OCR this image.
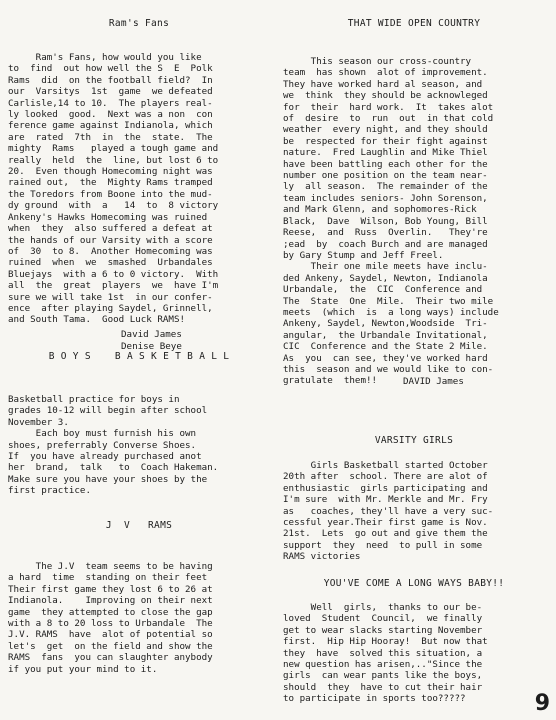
Ram's Fans
Ram's Fans, how would you like
to  find  out how well the S  E  Polk
Rams  did  on the football field?  In
our  Varsitys  1st  game  we defeated
Carlisle,14 to 10.  The players real-
ly looked  good.  Next was a non  con
ference game against Indianola, which
are  rated  7th  in  the  state.  The
mighty  Rams   played a tough game and
really  held  the  line, but lost 6 to
20.  Even though Homecoming night was
rained out,  the  Mighty Rams tramped
the Toredors from Boone into the mud-
dy ground  with  a   14  to  8 victory
Ankeny's Hawks Homecoming was ruined
when  they  also suffered a defeat at
the hands of our Varsity with a score
of  30  to 8.  Another Homecoming was
ruined  when  we  smashed  Urbandales
Bluejays  with a 6 to 0 victory.  With
all  the  great  players  we  have I'm
sure we will take 1st  in our confer-
ence  after playing Saydel, Grinnell,
and South Tama.  Good Luck RAMS!
David James
Denise Beye
B O Y S    B A S K E T B A L L
Basketball practice for boys in
grades 10-12 will begin after school
November 3.
Each boy must furnish his own
shoes, preferrably Converse Shoes.
If  you have already purchased anot
her  brand,  talk   to  Coach Hakeman.
Make sure you have your shoes by the
first practice.
J  V   RAMS
The J.V  team seems to be having
a hard  time  standing on their feet
Their first game they lost 6 to 26 at
Indianola.    Improving on their next
game  they attempted to close the gap
with a 8 to 20 loss to Urbandale  The
J.V. RAMS  have  alot of potential so
let's  get  on the field and show the
RAMS  fans  you can slaughter anybody
if you put your mind to it.
THAT WIDE OPEN COUNTRY
This season our cross-country
team  has shown  alot of improvement.
They have worked hard al season, and
we  think  they should be acknowleged
for  their  hard work.  It  takes alot
of  desire  to  run  out  in that cold
weather  every night, and they should
be  respected for their fight against
nature.  Fred Laughlin and Mike Thiel
have been battling each other for the
number one position on the team near-
ly  all season.  The remainder of the
team includes seniors- John Sorenson,
and Mark Glenn, and sophomores-Rick
Black,  Dave  Wilson, Bob Young, Bill
Reese,  and  Russ  Overlin.   They're
;ead  by  coach Burch and are managed
by Gary Stump and Jeff Freel.
Their one mile meets have inclu-
ded Ankeny, Saydel, Newton, Indianola
Urbandale,  the  CIC  Conference and
The  State  One  Mile.  Their two mile
meets  (which  is  a long ways) include
Ankeny, Saydel, Newton,Woodside  Tri-
angular,  the Urbandale Invitational,
CIC  Conference and the State 2 Mile.
As  you  can see, they've worked hard
this  season and we would like to con-
gratulate  them!!	DAVID James
VARSITY GIRLS
Girls Basketball started October
20th after  school. There are alot of
enthusiastic  girls participating and
I'm sure  with Mr. Merkle and Mr. Fry
as   coaches, they'll have a very suc-
cessful year.Their first game is Nov.
21st.  Lets  go out and give them the
support  they  need  to pull in some
RAMS victories
YOU'VE COME A LONG WAYS BABY!!
Well  girls,  thanks to our be-
loved  Student  Council,  we finally
get to wear slacks starting November
first.  Hip Hip Hooray!  But now that
they  have  solved this situation, a
new question has arisen,.."Since the
girls  can wear pants like the boys,
should  they  have to cut their hair
to participate in sports too?????	9
